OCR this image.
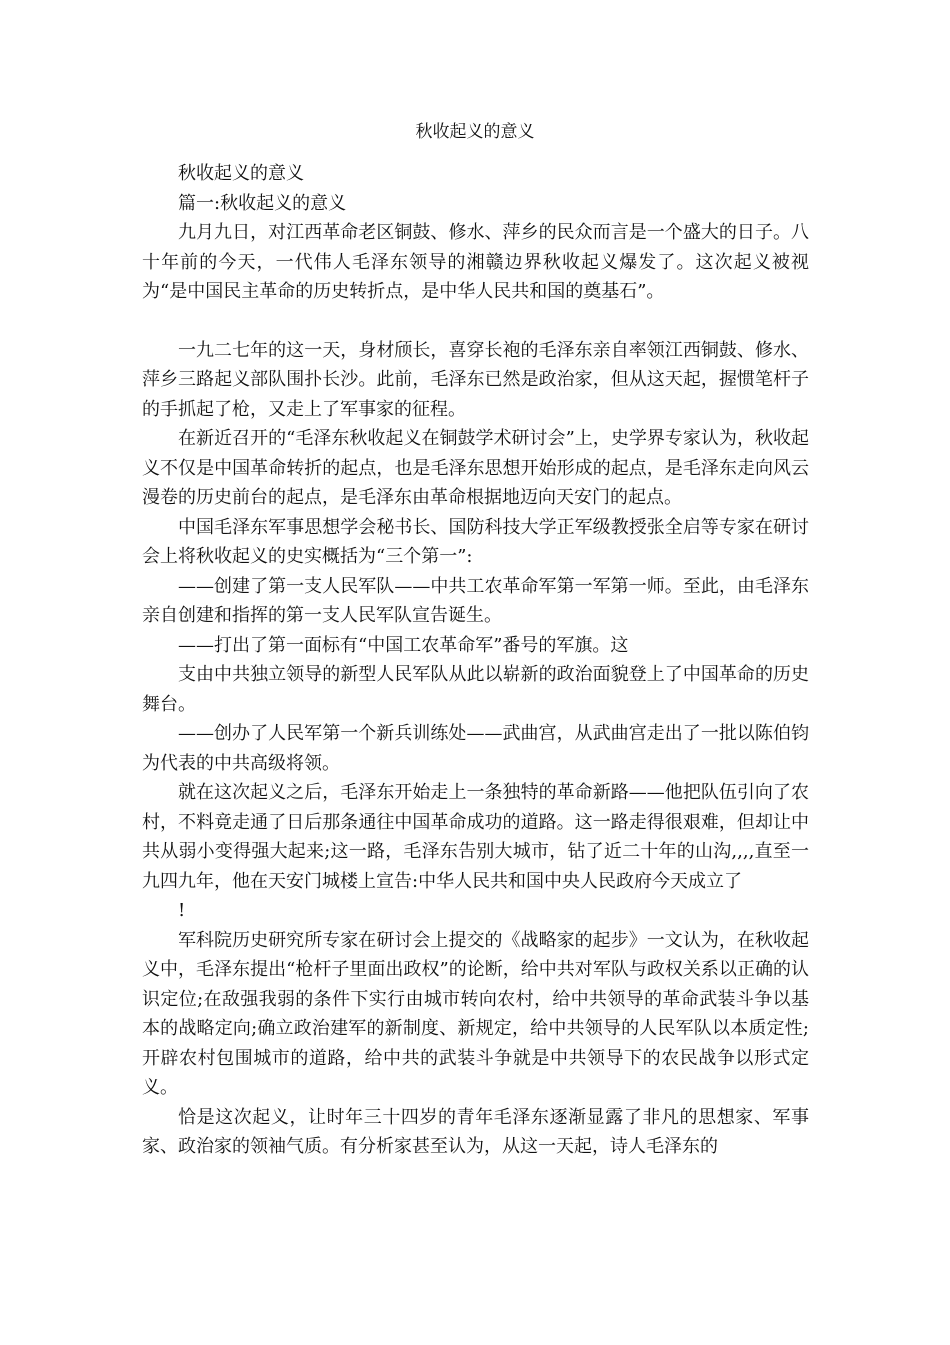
秋收起义的意义

秋收起义的意义

篇一:秋收起义的意义

九月九日，对江西革命老区铜鼓、修水、萍乡的民众而言是一个盛大的日子。八十年前的今天，一代伟人毛泽东领导的湘赣边界秋收起义爆发了。这次起义被视为“是中国民主革命的历史转折点，是中华人民共和国的奠基石”。

一九二七年的这一天，身材颀长，喜穿长袍的毛泽东亲自率领江西铜鼓、修水、萍乡三路起义部队围扑长沙。此前，毛泽东已然是政治家，但从这天起，握惯笔杆子的手抓起了枪，又走上了军事家的征程。

在新近召开的“毛泽东秋收起义在铜鼓学术研讨会”上，史学界专家认为，秋收起义不仅是中国革命转折的起点，也是毛泽东思想开始形成的起点，是毛泽东走向风云漫卷的历史前台的起点，是毛泽东由革命根据地迈向天安门的起点。

中国毛泽东军事思想学会秘书长、国防科技大学正军级教授张全启等专家在研讨会上将秋收起义的史实概括为“三个第一”:

——创建了第一支人民军队——中共工农革命军第一军第一师。至此，由毛泽东亲自创建和指挥的第一支人民军队宣告诞生。

——打出了第一面标有“中国工农革命军”番号的军旗。这

支由中共独立领导的新型人民军队从此以崭新的政治面貌登上了中国革命的历史舞台。

——创办了人民军第一个新兵训练处——武曲宫，从武曲宫走出了一批以陈伯钧为代表的中共高级将领。

就在这次起义之后，毛泽东开始走上一条独特的革命新路——他把队伍引向了农村，不料竟走通了日后那条通往中国革命成功的道路。这一路走得很艰难，但却让中共从弱小变得强大起来;这一路，毛泽东告别大城市，钻了近二十年的山沟,,,,直至一九四九年，他在天安门城楼上宣告:中华人民共和国中央人民政府今天成立了

!

军科院历史研究所专家在研讨会上提交的《战略家的起步》一文认为，在秋收起义中，毛泽东提出“枪杆子里面出政权”的论断，给中共对军队与政权关系以正确的认识定位;在敌强我弱的条件下实行由城市转向农村，给中共领导的革命武装斗争以基本的战略定向;确立政治建军的新制度、新规定，给中共领导的人民军队以本质定性;开辟农村包围城市的道路，给中共的武装斗争就是中共领导下的农民战争以形式定义。

恰是这次起义，让时年三十四岁的青年毛泽东逐渐显露了非凡的思想家、军事家、政治家的领袖气质。有分析家甚至认为，从这一天起，诗人毛泽东的
